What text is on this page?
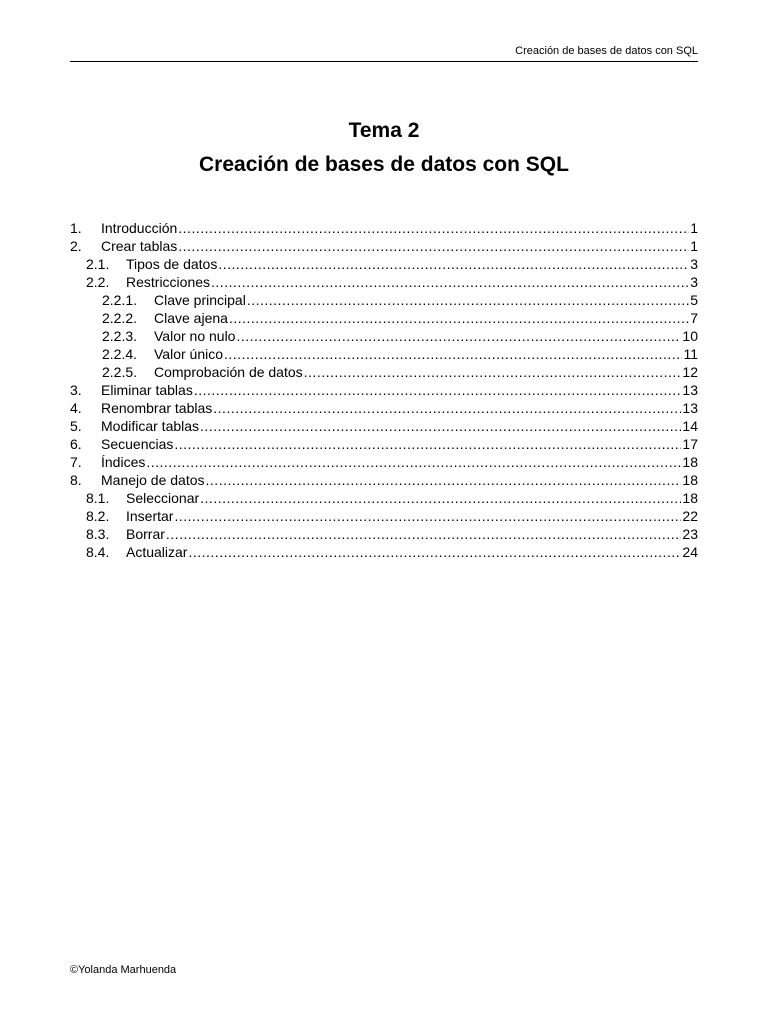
Creación de bases de datos con SQL
Tema 2
Creación de bases de datos con SQL
1.	Introducción .....	1
2.	Crear tablas .....	1
2.1.	Tipos de datos .....	3
2.2.	Restricciones .....	3
2.2.1.	Clave principal .....	5
2.2.2.	Clave ajena .....	7
2.2.3.	Valor no nulo .....	10
2.2.4.	Valor único .....	11
2.2.5.	Comprobación de datos .....	12
3.	Eliminar tablas .....	13
4.	Renombrar tablas .....	13
5.	Modificar tablas .....	14
6.	Secuencias .....	17
7.	Índices .....	18
8.	Manejo de datos .....	18
8.1.	Seleccionar .....	18
8.2.	Insertar .....	22
8.3.	Borrar .....	23
8.4.	Actualizar .....	24
©Yolanda Marhuenda
